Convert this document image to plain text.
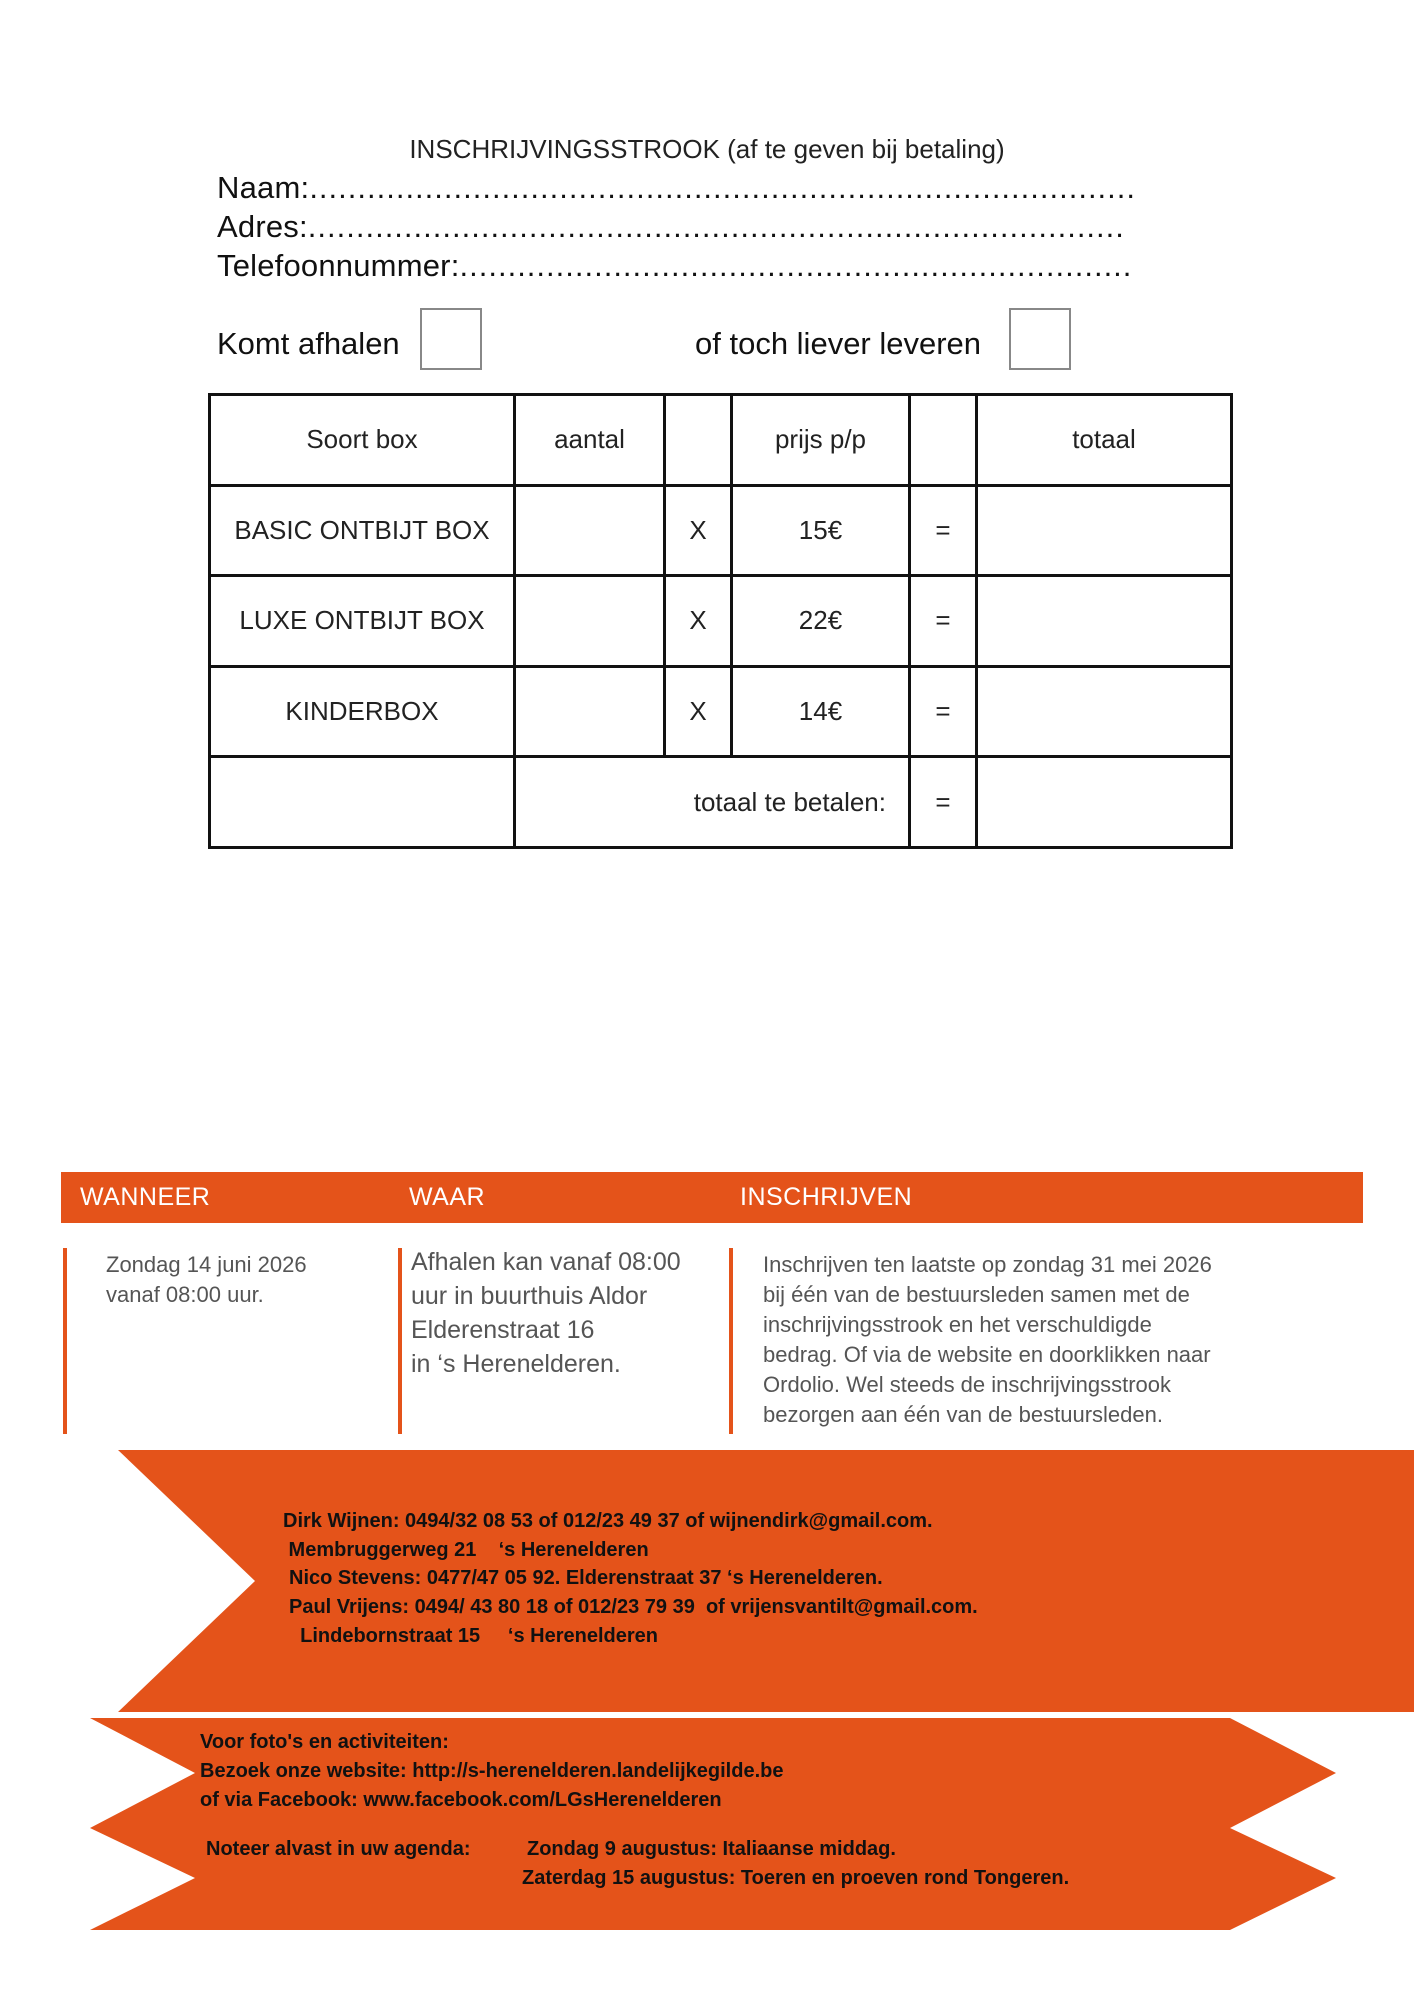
INSCHRIJVINGSSTROOK (af te geven bij betaling)
Naam:......................................................................................
Adres:.....................................................................................
Telefoonnummer:......................................................................
Komt afhalen	of toch liever leveren
Soort box	aantal		prijs p/p		totaal
BASIC ONTBIJT BOX		X	15€	=	
LUXE ONTBIJT BOX		X	22€	=	
KINDERBOX		X	14€	=	
	totaal te betalen:			=	
WANNEER	WAAR	INSCHRIJVEN
Zondag 14 juni 2026
vanaf 08:00 uur.
Afhalen kan vanaf 08:00
uur in buurthuis Aldor
Elderenstraat 16
in ‘s Herenelderen.
Inschrijven ten laatste op zondag 31 mei 2026
bij één van de bestuursleden samen met de
inschrijvingsstrook en het verschuldigde
bedrag. Of via de website en doorklikken naar
Ordolio. Wel steeds de inschrijvingsstrook
bezorgen aan één van de bestuursleden.
Dirk Wijnen: 0494/32 08 53 of 012/23 49 37 of wijnendirk@gmail.com.
Membruggerweg 21    ‘s Herenelderen
Nico Stevens: 0477/47 05 92. Elderenstraat 37 ‘s Herenelderen.
Paul Vrijens: 0494/ 43 80 18 of 012/23 79 39  of vrijensvantilt@gmail.com.
Lindebornstraat 15     ‘s Herenelderen
Voor foto's en activiteiten:
Bezoek onze website: http://s-herenelderen.landelijkegilde.be
of via Facebook: www.facebook.com/LGsHerenelderen
Noteer alvast in uw agenda:	Zondag 9 augustus: Italiaanse middag.
Zaterdag 15 augustus: Toeren en proeven rond Tongeren.
